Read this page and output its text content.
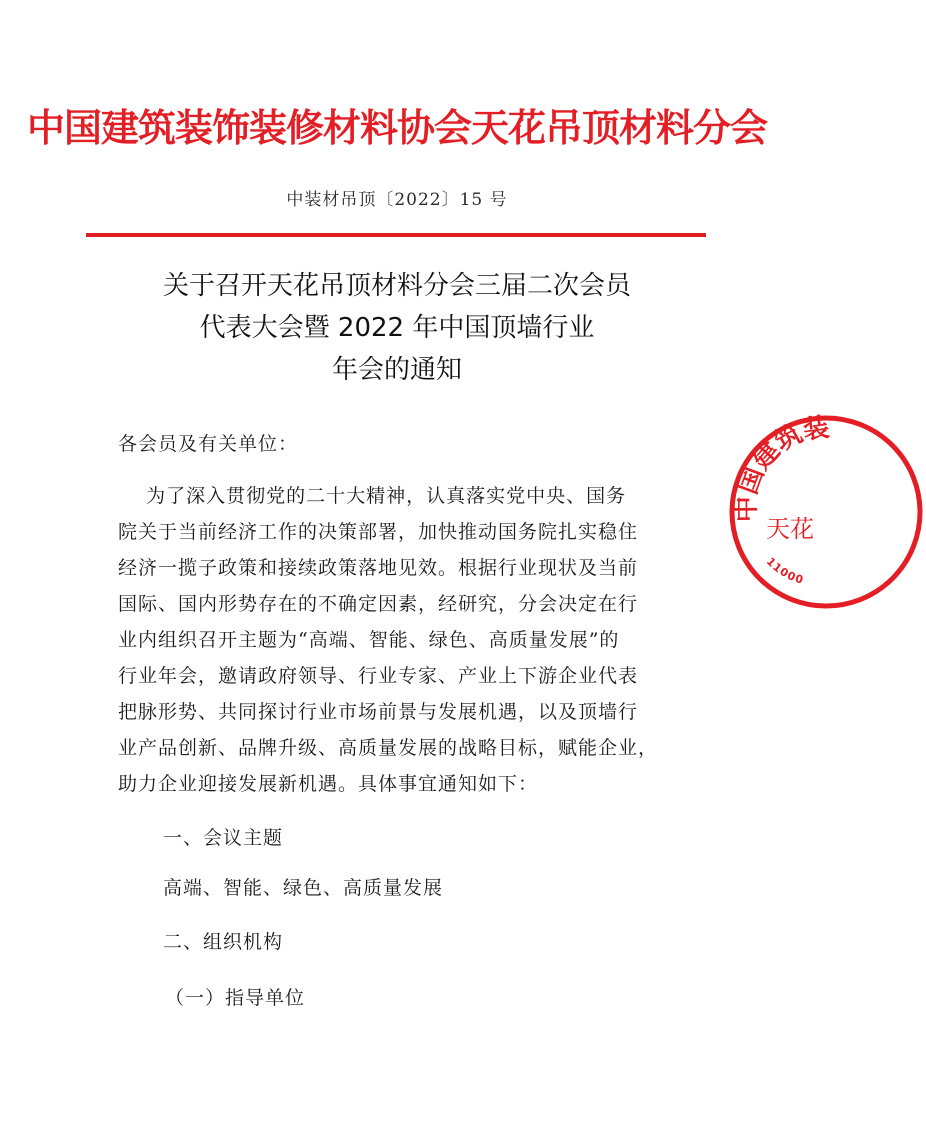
中国建筑装饰装修材料协会天花吊顶材料分会
中装材吊顶〔2022〕15 号
关于召开天花吊顶材料分会三届二次会员
代表大会暨 2022 年中国顶墙行业
年会的通知
各会员及有关单位：
为了深入贯彻党的二十大精神，认真落实党中央、国务
院关于当前经济工作的决策部署，加快推动国务院扎实稳住
经济一揽子政策和接续政策落地见效。根据行业现状及当前
国际、国内形势存在的不确定因素，经研究，分会决定在行
业内组织召开主题为“高端、智能、绿色、高质量发展”的
行业年会，邀请政府领导、行业专家、产业上下游企业代表
把脉形势、共同探讨行业市场前景与发展机遇，以及顶墙行
业产品创新、品牌升级、高质量发展的战略目标，赋能企业，
助力企业迎接发展新机遇。具体事宜通知如下：
一、会议主题
高端、智能、绿色、高质量发展
二、组织机构
（一）指导单位
中国建筑装
天花
11000
